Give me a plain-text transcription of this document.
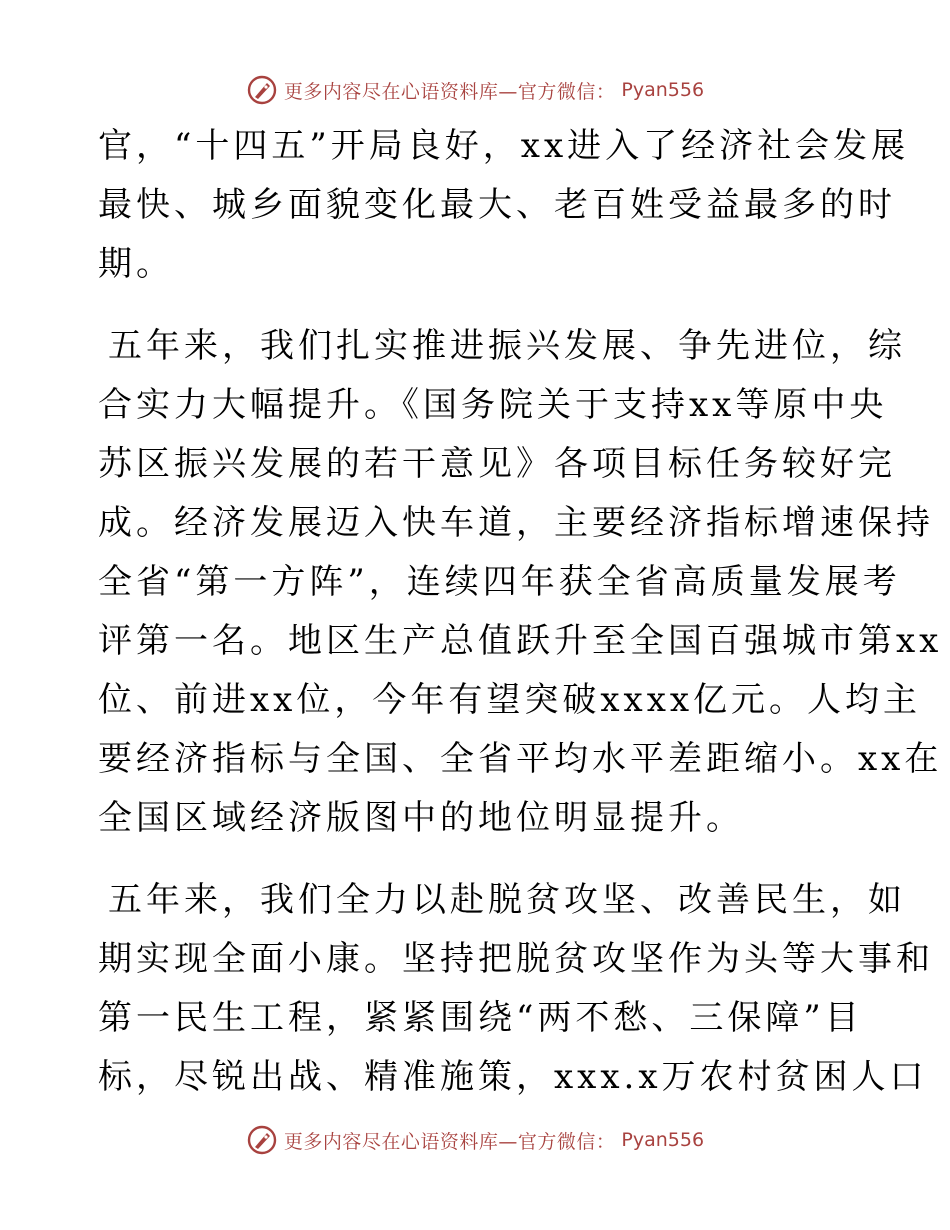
更多内容尽在心语资料库—官方微信： Pyan556

官，“十四五”开局良好，xx进入了经济社会发展
最快、城乡面貌变化最大、老百姓受益最多的时
期。

五年来，我们扎实推进振兴发展、争先进位，综
合实力大幅提升。《国务院关于支持xx等原中央
苏区振兴发展的若干意见》各项目标任务较好完
成。经济发展迈入快车道，主要经济指标增速保持
全省“第一方阵”，连续四年获全省高质量发展考
评第一名。地区生产总值跃升至全国百强城市第xx
位、前进xx位，今年有望突破xxxx亿元。人均主
要经济指标与全国、全省平均水平差距缩小。xx在
全国区域经济版图中的地位明显提升。

五年来，我们全力以赴脱贫攻坚、改善民生，如
期实现全面小康。坚持把脱贫攻坚作为头等大事和
第一民生工程，紧紧围绕“两不愁、三保障”目
标，尽锐出战、精准施策，xxx.x万农村贫困人口

更多内容尽在心语资料库—官方微信： Pyan556
